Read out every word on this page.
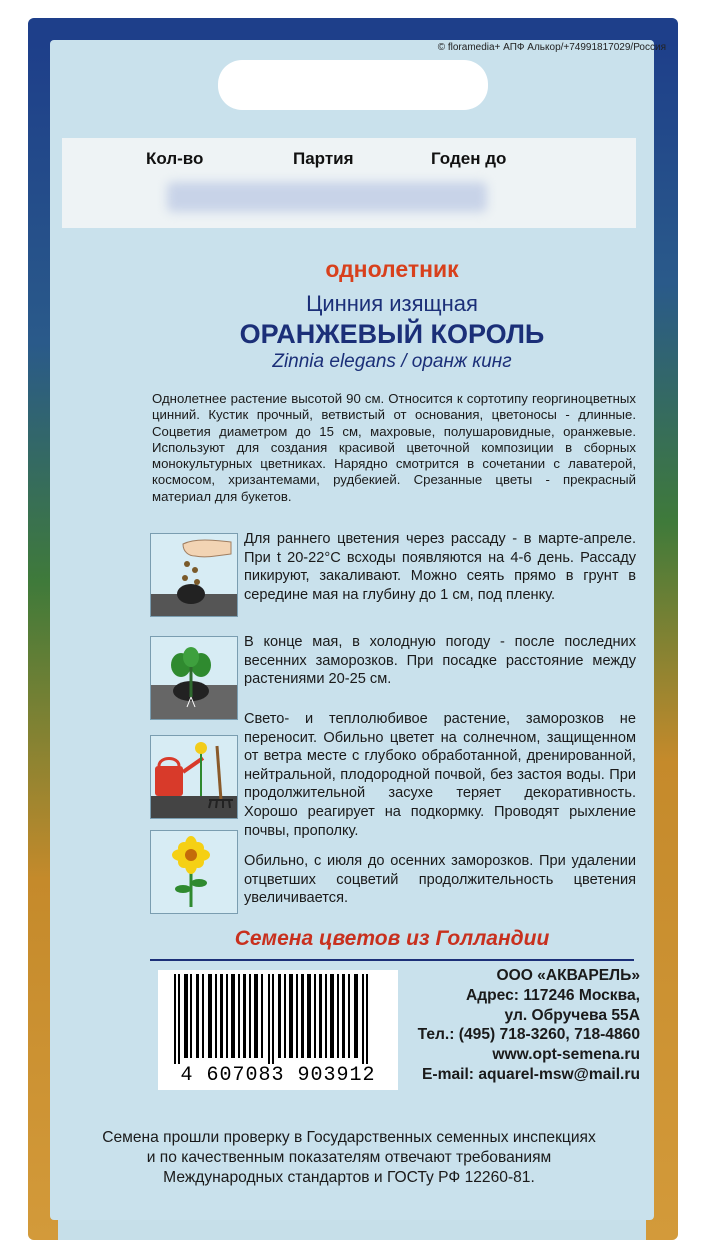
© floramedia+ АПФ Алькор/+74991817029/Россия
Кол-во	Партия	Годен до
однолетник
Цинния изящная
ОРАНЖЕВЫЙ КОРОЛЬ
Zinnia elegans / оранж кинг
Однолетнее растение высотой 90 см. Относится к сортотипу георгиноцветных цинний. Кустик прочный, ветвистый от основания, цветоносы - длинные. Соцветия диаметром до 15 см, махровые, полушаровидные, оранжевые. Используют для создания красивой цветочной композиции в сборных монокультурных цветниках. Нарядно смотрится в сочетании с лаватерой, космосом, хризантемами, рудбекией. Срезанные цветы - прекрасный материал для букетов.
Для раннего цветения через рассаду - в марте-апреле. При t 20-22°С всходы появляются на 4-6 день. Рассаду пикируют, закаливают. Можно сеять прямо в грунт в середине мая на глубину до 1 см, под пленку.
В конце мая, в холодную погоду - после последних весенних заморозков. При посадке расстояние между растениями 20-25 см.
Свето- и теплолюбивое растение, заморозков не переносит. Обильно цветет на солнечном, защищенном от ветра месте с глубоко обработанной, дренированной, нейтральной, плодородной почвой, без застоя воды. При продолжительной засухе теряет декоративность. Хорошо реагирует на подкормку. Проводят рыхление почвы, прополку.
Обильно, с июля до осенних заморозков. При удалении отцветших соцветий продолжительность цветения увеличивается.
Семена цветов из Голландии
4 607083 903912
ООО «АКВАРЕЛЬ»
Адрес: 117246 Москва,
ул. Обручева 55А
Тел.: (495) 718-3260, 718-4860
www.opt-semena.ru
E-mail: aquarel-msw@mail.ru
Семена прошли проверку в Государственных семенных инспекциях
и по качественным показателям отвечают требованиям
Международных стандартов и ГОСТу РФ 12260-81.
